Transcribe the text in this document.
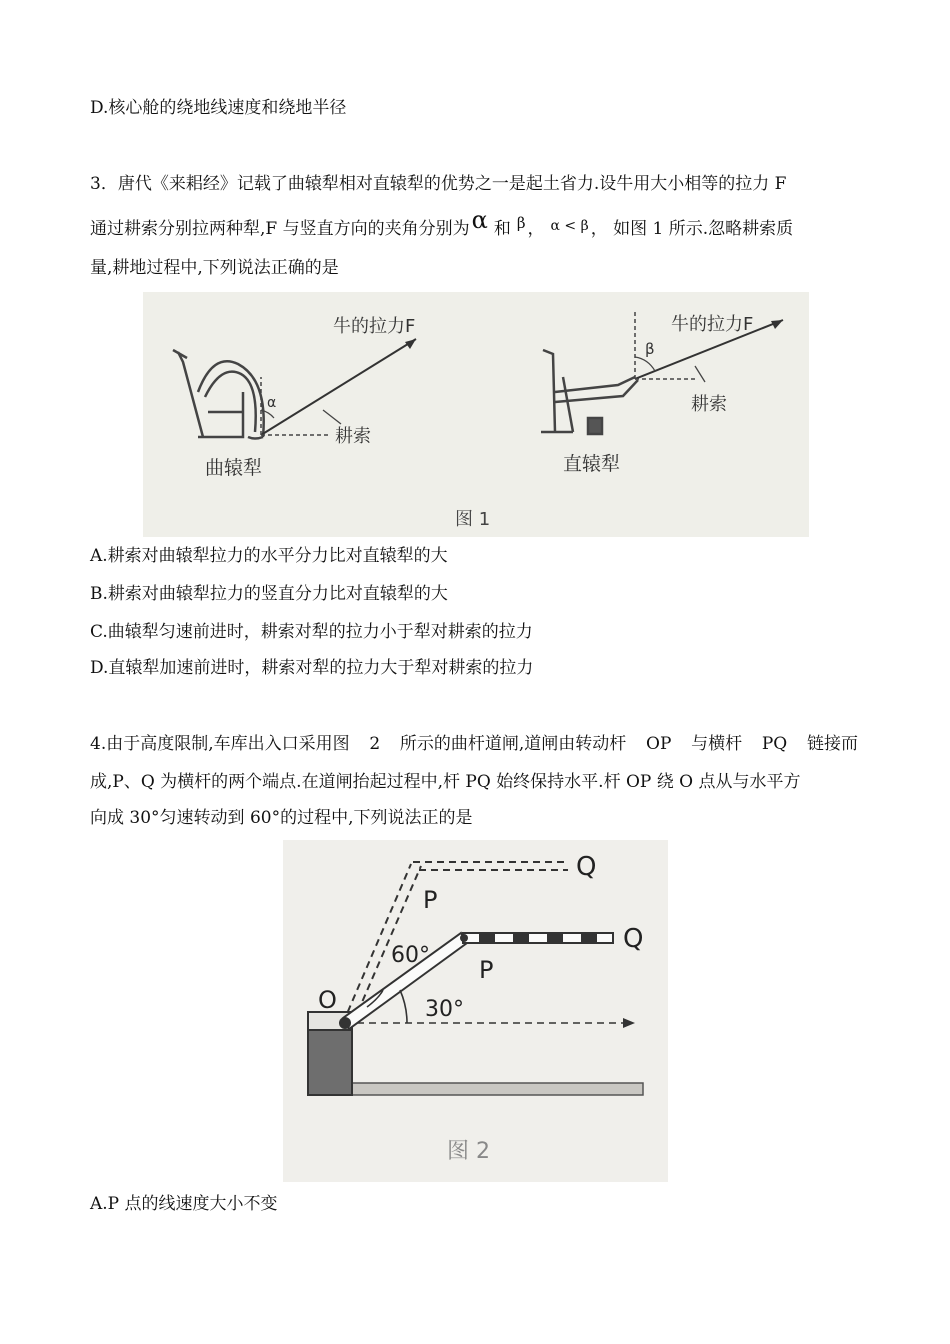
D.核心舱的绕地线速度和绕地半径
3．唐代《来耜经》记载了曲辕犁相对直辕犁的优势之一是起土省力.设牛用大小相等的拉力 F
通过耕索分别拉两种犁,F 与竖直方向的夹角分别为α 和 β ， $^{\alpha < \beta}$ ， 如图 1 所示.忽略耕索质
量,耕地过程中,下列说法正确的是
牛的拉力F
α
耕索
曲辕犁
牛的拉力F
β
耕索
直辕犁
图 1
A.耕索对曲辕犁拉力的水平分力比对直辕犁的大
B.耕索对曲辕犁拉力的竖直分力比对直辕犁的大
C.曲辕犁匀速前进时，耕索对犁的拉力小于犁对耕索的拉力
D.直辕犁加速前进时，耕索对犁的拉力大于犁对耕索的拉力
4.由于高度限制,车库出入口采用图 2 所示的曲杆道闸,道闸由转动杆 OP 与横杆 PQ 链接而
成,P、Q 为横杆的两个端点.在道闸抬起过程中,杆 PQ 始终保持水平.杆 OP 绕 O 点从与水平方
向成 30°匀速转动到 60°的过程中,下列说法正的是
O
P
Q
P
Q
60°
30°
图 2
A.P 点的线速度大小不变
